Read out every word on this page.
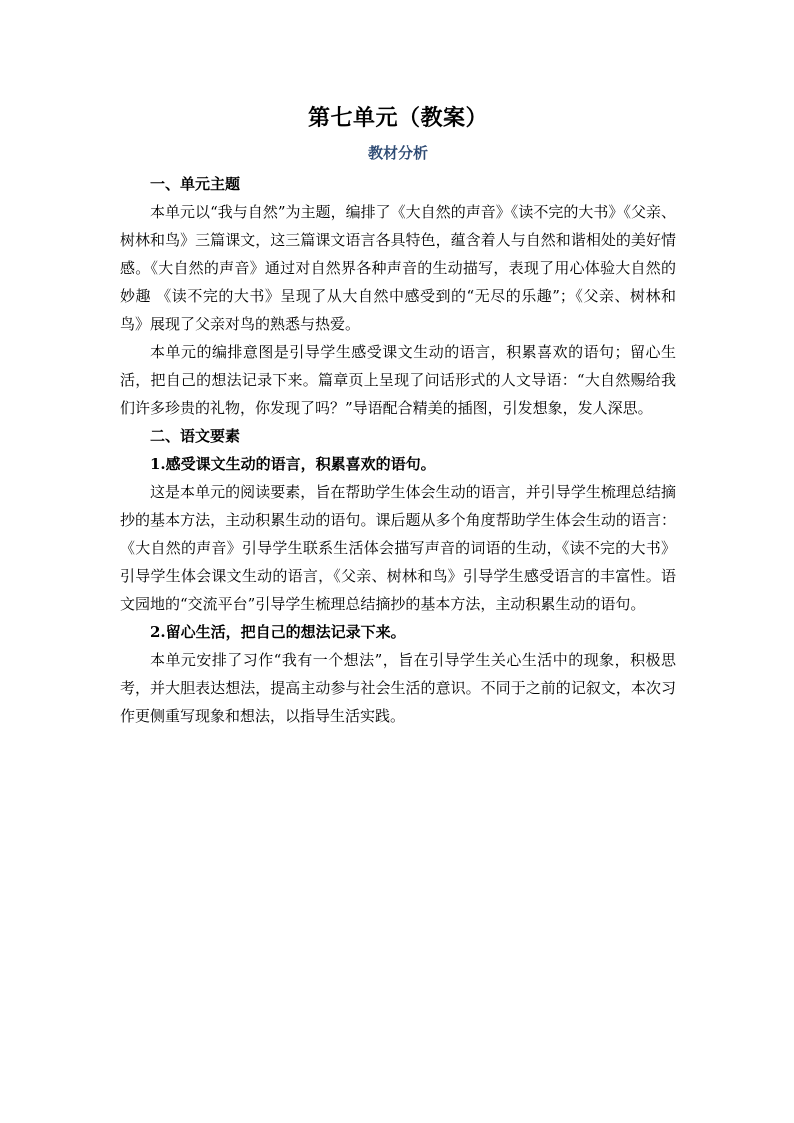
第七单元（教案）
教材分析

一、单元主题

本单元以“我与自然”为主题，编排了《大自然的声音》《读不完的大书》《父亲、树林和鸟》三篇课文，这三篇课文语言各具特色，蕴含着人与自然和谐相处的美好情感。《大自然的声音》通过对自然界各种声音的生动描写，表现了用心体验大自然的妙趣 《读不完的大书》呈现了从大自然中感受到的“无尽的乐趣”；《父亲、树林和鸟》展现了父亲对鸟的熟悉与热爱。

本单元的编排意图是引导学生感受课文生动的语言，积累喜欢的语句；留心生活，把自己的想法记录下来。篇章页上呈现了问话形式的人文导语：“大自然赐给我们许多珍贵的礼物，你发现了吗？”导语配合精美的插图，引发想象，发人深思。

二、语文要素

1.感受课文生动的语言，积累喜欢的语句。

这是本单元的阅读要素，旨在帮助学生体会生动的语言，并引导学生梳理总结摘抄的基本方法，主动积累生动的语句。课后题从多个角度帮助学生体会生动的语言：《大自然的声音》引导学生联系生活体会描写声音的词语的生动，《读不完的大书》引导学生体会课文生动的语言，《父亲、树林和鸟》引导学生感受语言的丰富性。语文园地的“交流平台”引导学生梳理总结摘抄的基本方法，主动积累生动的语句。

2.留心生活，把自己的想法记录下来。

本单元安排了习作“我有一个想法”，旨在引导学生关心生活中的现象，积极思考，并大胆表达想法，提高主动参与社会生活的意识。不同于之前的记叙文，本次习作更侧重写现象和想法，以指导生活实践。
